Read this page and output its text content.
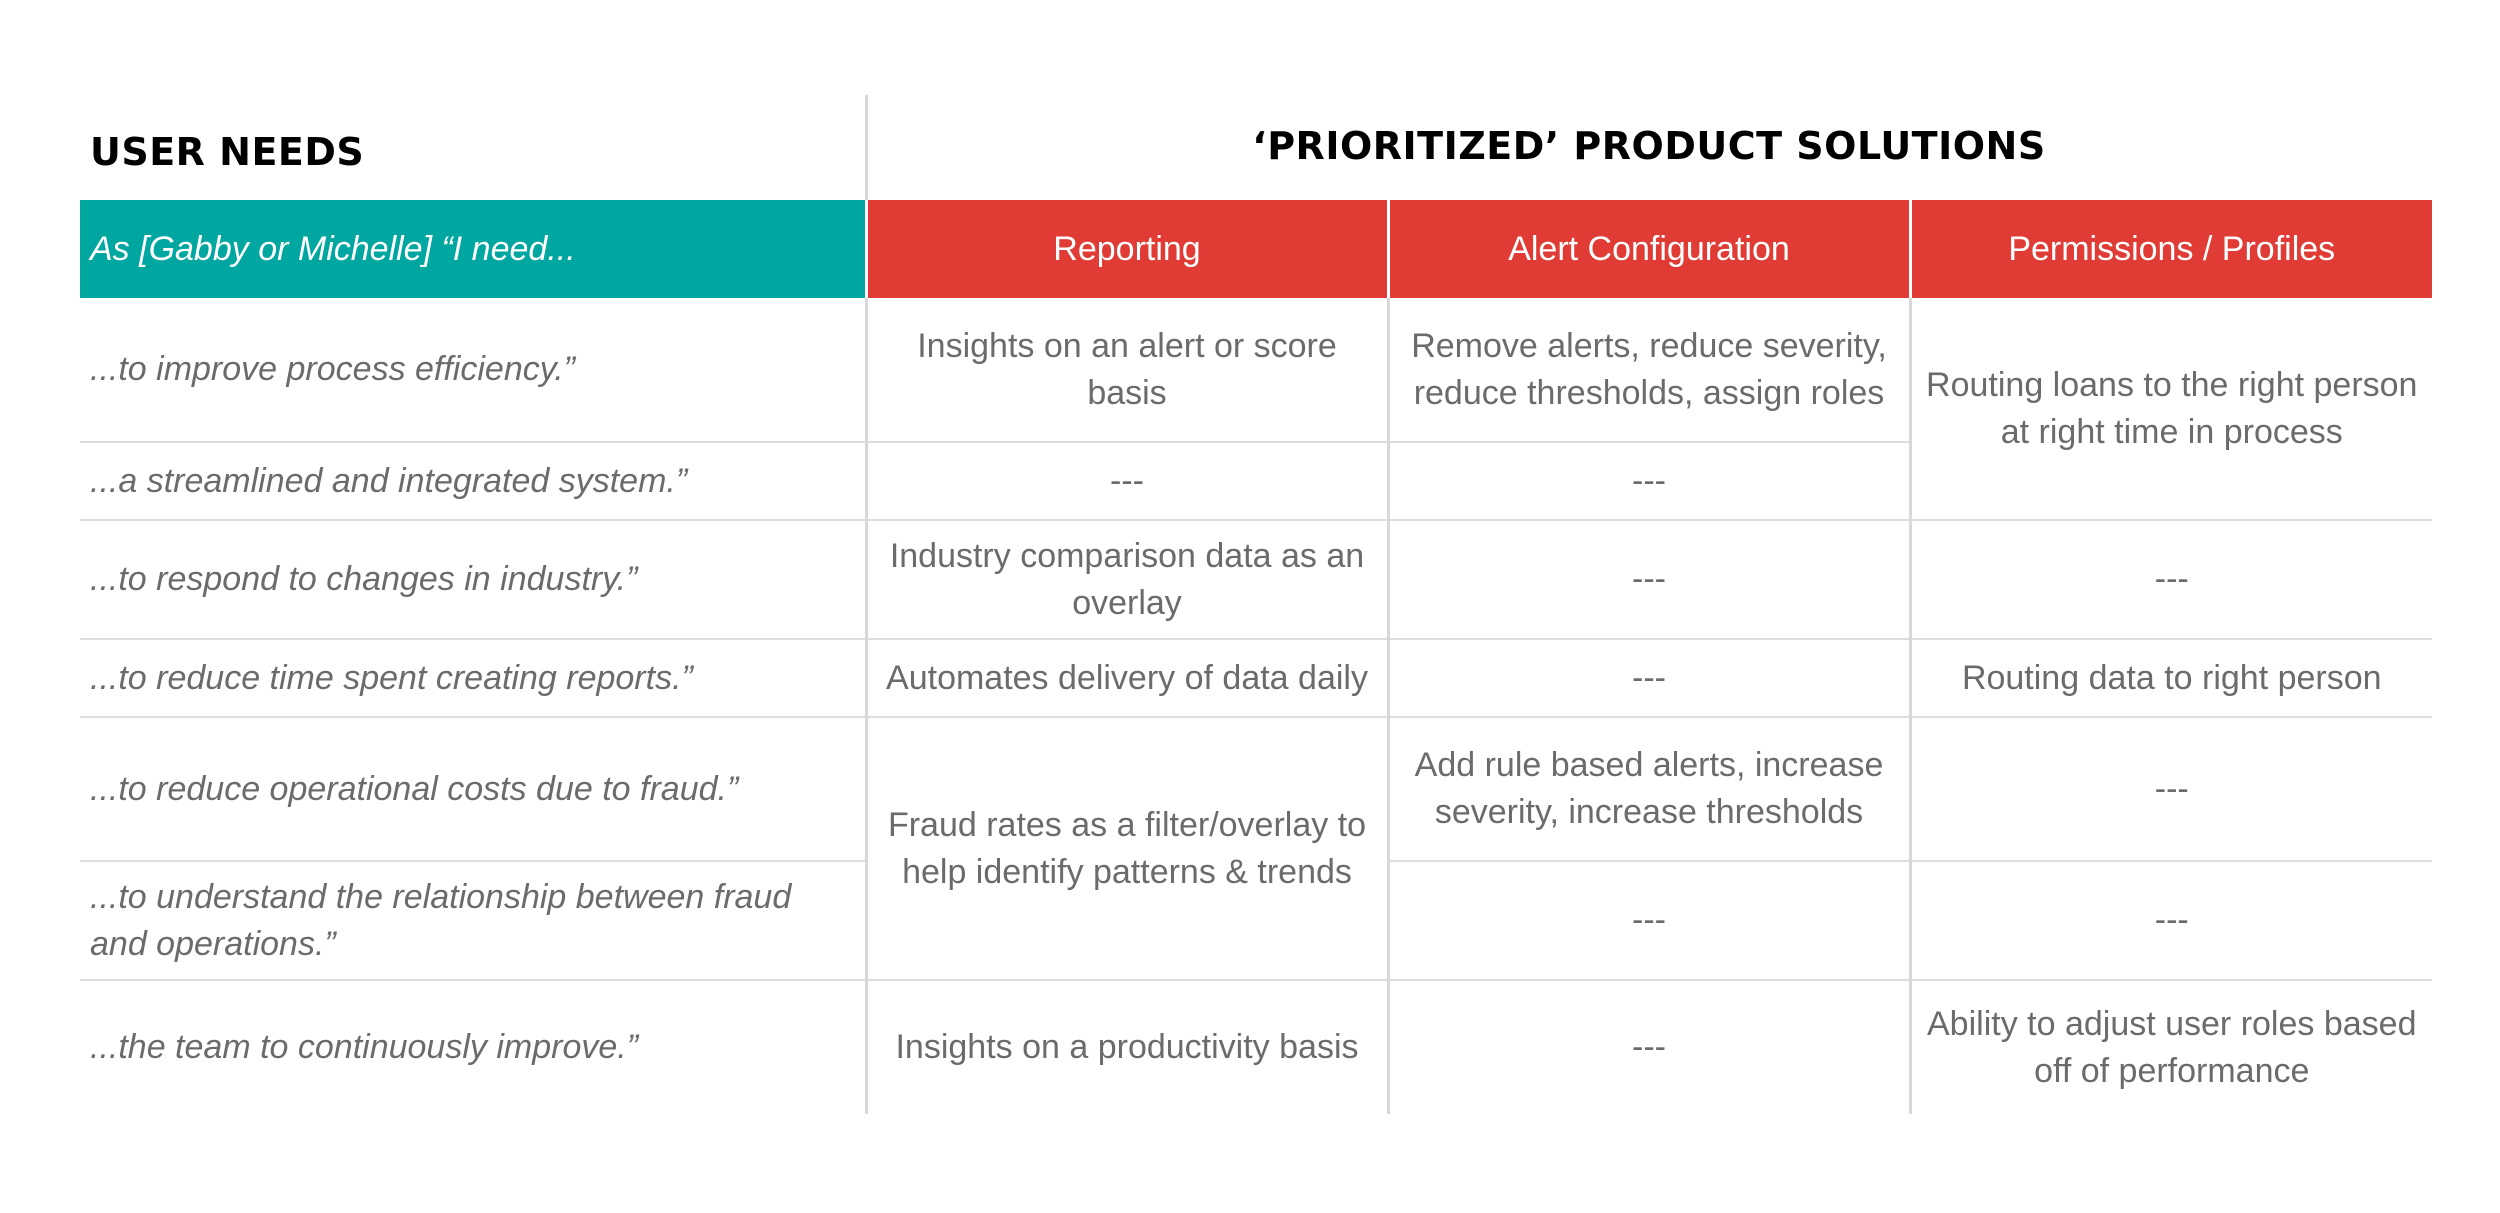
USER NEEDS	‘PRIORITIZED’ PRODUCT SOLUTIONS
As [Gabby or Michelle] “I need...	Reporting	Alert Configuration	Permissions / Profiles
...to improve process efficiency.”	Insights on an alert or score basis	Remove alerts, reduce severity, reduce thresholds, assign roles	Routing loans to the right person at right time in process
...a streamlined and integrated system.”	---	---	
...to respond to changes in industry.”	Industry comparison data as an overlay	---	---
...to reduce time spent creating reports.”	Automates delivery of data daily	---	Routing data to right person
...to reduce operational costs due to fraud.”	Fraud rates as a filter/overlay to help identify patterns & trends	Add rule based alerts, increase severity, increase thresholds	---
...to understand the relationship between fraud and operations.”		---	---
...the team to continuously improve.”	Insights on a productivity basis	---	Ability to adjust user roles based off of performance
